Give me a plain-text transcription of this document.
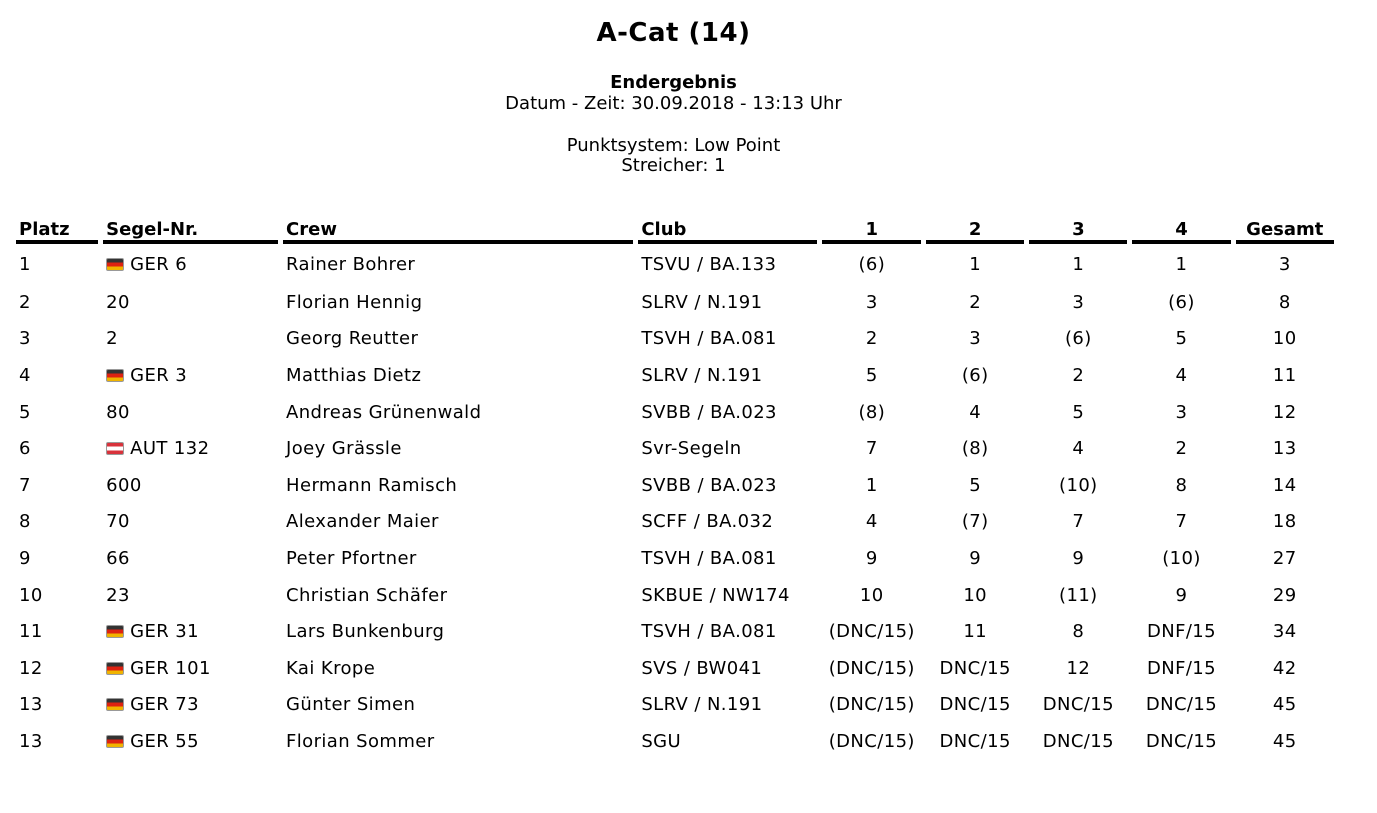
A-Cat (14)
Endergebnis
Datum - Zeit: 30.09.2018 - 13:13 Uhr
Punktsystem: Low Point
Streicher: 1
Platz	Segel-Nr.	Crew	Club	1	2	3	4	Gesamt
1	GER 6	Rainer Bohrer	TSVU / BA.133	(6)	1	1	1	3
2	20	Florian Hennig	SLRV / N.191	3	2	3	(6)	8
3	2	Georg Reutter	TSVH / BA.081	2	3	(6)	5	10
4	GER 3	Matthias Dietz	SLRV / N.191	5	(6)	2	4	11
5	80	Andreas Grünenwald	SVBB / BA.023	(8)	4	5	3	12
6	AUT 132	Joey Grässle	Svr-Segeln	7	(8)	4	2	13
7	600	Hermann Ramisch	SVBB / BA.023	1	5	(10)	8	14
8	70	Alexander Maier	SCFF / BA.032	4	(7)	7	7	18
9	66	Peter Pfortner	TSVH / BA.081	9	9	9	(10)	27
10	23	Christian Schäfer	SKBUE / NW174	10	10	(11)	9	29
11	GER 31	Lars Bunkenburg	TSVH / BA.081	(DNC/15)	11	8	DNF/15	34
12	GER 101	Kai Krope	SVS / BW041	(DNC/15)	DNC/15	12	DNF/15	42
13	GER 73	Günter Simen	SLRV / N.191	(DNC/15)	DNC/15	DNC/15	DNC/15	45
13	GER 55	Florian Sommer	SGU	(DNC/15)	DNC/15	DNC/15	DNC/15	45
